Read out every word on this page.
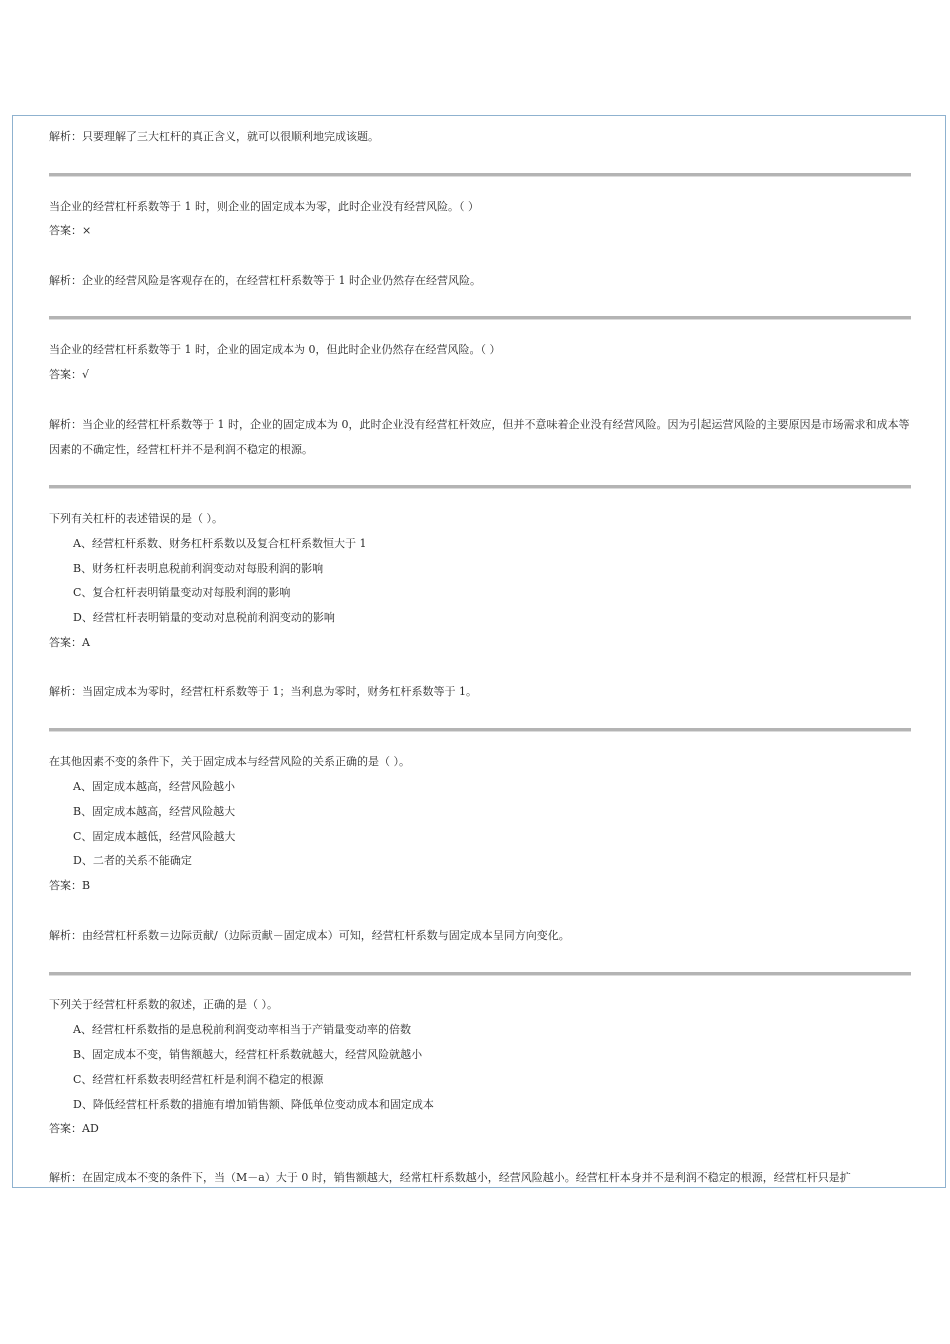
解析：只要理解了三大杠杆的真正含义，就可以很顺利地完成该题。
当企业的经营杠杆系数等于 1 时，则企业的固定成本为零，此时企业没有经营风险。（ ）
答案：×
解析：企业的经营风险是客观存在的，在经营杠杆系数等于 1 时企业仍然存在经营风险。
当企业的经营杠杆系数等于 1 时，企业的固定成本为 0，但此时企业仍然存在经营风险。（ ）
答案：√
解析：当企业的经营杠杆系数等于 1 时，企业的固定成本为 0，此时企业没有经营杠杆效应，但并不意味着企业没有经营风险。因为引起运营风险的主要原因是市场需求和成本等因素的不确定性，经营杠杆并不是利润不稳定的根源。
下列有关杠杆的表述错误的是（ ）。
A、经营杠杆系数、财务杠杆系数以及复合杠杆系数恒大于 1
B、财务杠杆表明息税前利润变动对每股利润的影响
C、复合杠杆表明销量变动对每股利润的影响
D、经营杠杆表明销量的变动对息税前利润变动的影响
答案：A
解析：当固定成本为零时，经营杠杆系数等于 1；当利息为零时，财务杠杆系数等于 1。
在其他因素不变的条件下，关于固定成本与经营风险的关系正确的是（ ）。
A、固定成本越高，经营风险越小
B、固定成本越高，经营风险越大
C、固定成本越低，经营风险越大
D、二者的关系不能确定
答案：B
解析：由经营杠杆系数＝边际贡献/（边际贡献－固定成本）可知，经营杠杆系数与固定成本呈同方向变化。
下列关于经营杠杆系数的叙述，正确的是（ ）。
A、经营杠杆系数指的是息税前利润变动率相当于产销量变动率的倍数
B、固定成本不变，销售额越大，经营杠杆系数就越大，经营风险就越小
C、经营杠杆系数表明经营杠杆是利润不稳定的根源
D、降低经营杠杆系数的措施有增加销售额、降低单位变动成本和固定成本
答案：AD
解析：在固定成本不变的条件下，当（M－a）大于 0 时，销售额越大，经常杠杆系数越小，经营风险越小。经营杠杆本身并不是利润不稳定的根源，经营杠杆只是扩
